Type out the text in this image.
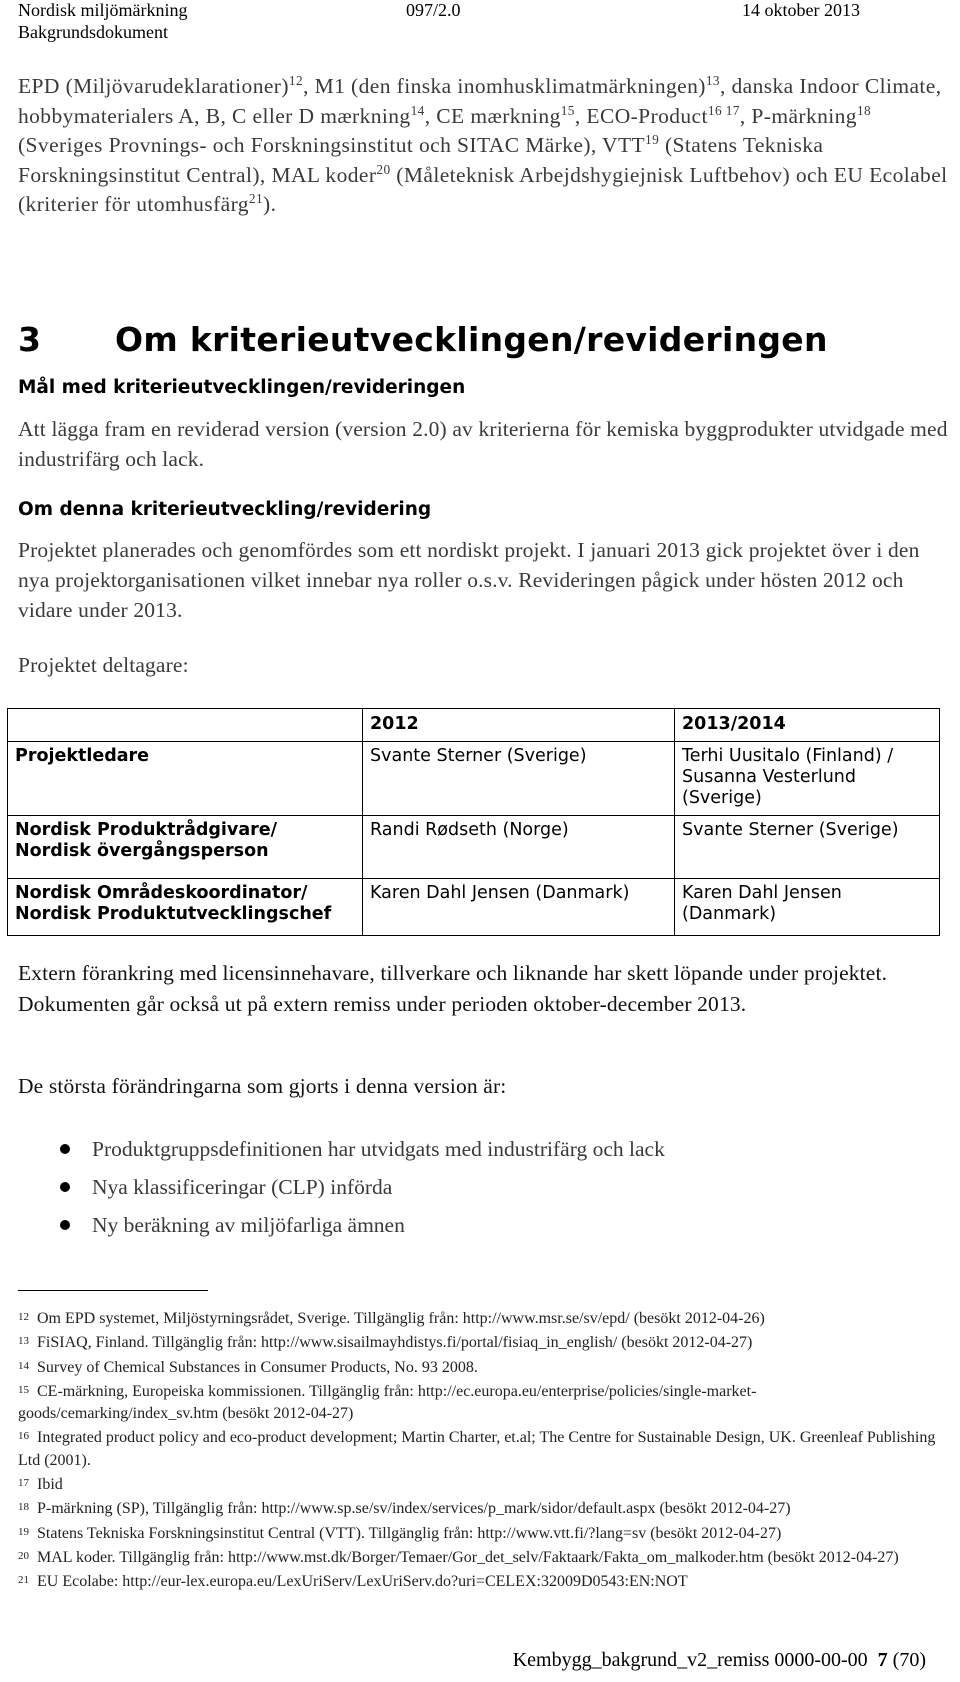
Nordisk miljömärkning
Bakgrundsdokument
097/2.0	14 oktober 2013
EPD (Miljövarudeklarationer)$^{12}$, M1 (den finska inomhusklimatmärkningen)$^{13}$, danska Indoor Climate, hobbymaterialers A, B, C eller D mærkning$^{14}$, CE mærkning$^{15}$, ECO-Product$^{16 17}$, P-märkning$^{18}$ (Sveriges Provnings- och Forskningsinstitut och SITAC Märke), VTT$^{19}$ (Statens Tekniska Forskningsinstitut Central), MAL koder$^{20}$ (Måleteknisk Arbejdshygiejnisk Luftbehov) och EU Ecolabel (kriterier för utomhusfärg$^{21}$).
3 Om kriterieutvecklingen/revideringen
Mål med kriterieutvecklingen/revideringen
Att lägga fram en reviderad version (version 2.0) av kriterierna för kemiska byggprodukter utvidgade med industrifärg och lack.
Om denna kriterieutveckling/revidering
Projektet planerades och genomfördes som ett nordiskt projekt. I januari 2013 gick projektet över i den nya projektorganisationen vilket innebar nya roller o.s.v. Revideringen pågick under hösten 2012 och vidare under 2013.
Projektet deltagare:
	2012	2013/2014
Projektledare	Svante Sterner (Sverige)	Terhi Uusitalo (Finland) / Susanna Vesterlund (Sverige)
Nordisk Produktrådgivare/ Nordisk övergångsperson	Randi Rødseth (Norge)	Svante Sterner (Sverige)
Nordisk Områdeskoordinator/ Nordisk Produktutvecklingschef	Karen Dahl Jensen (Danmark)	Karen Dahl Jensen (Danmark)
Extern förankring med licensinnehavare, tillverkare och liknande har skett löpande under projektet. Dokumenten går också ut på extern remiss under perioden oktober-december 2013.
De största förändringarna som gjorts i denna version är:
Produktgruppsdefinitionen har utvidgats med industrifärg och lack
Nya klassificeringar (CLP) införda
Ny beräkning av miljöfarliga ämnen
12 Om EPD systemet, Miljöstyrningsrådet, Sverige. Tillgänglig från: http://www.msr.se/sv/epd/ (besökt 2012-04-26)
13 FiSIAQ, Finland. Tillgänglig från: http://www.sisailmayhdistys.fi/portal/fisiaq_in_english/ (besökt 2012-04-27)
14 Survey of Chemical Substances in Consumer Products, No. 93 2008.
15 CE-märkning, Europeiska kommissionen. Tillgänglig från: http://ec.europa.eu/enterprise/policies/single-market-goods/cemarking/index_sv.htm (besökt 2012-04-27)
16 Integrated product policy and eco-product development; Martin Charter, et.al; The Centre for Sustainable Design, UK. Greenleaf Publishing Ltd (2001).
17 Ibid
18 P-märkning (SP), Tillgänglig från: http://www.sp.se/sv/index/services/p_mark/sidor/default.aspx (besökt 2012-04-27)
19 Statens Tekniska Forskningsinstitut Central (VTT). Tillgänglig från: http://www.vtt.fi/?lang=sv (besökt 2012-04-27)
20 MAL koder. Tillgänglig från: http://www.mst.dk/Borger/Temaer/Gor_det_selv/Faktaark/Fakta_om_malkoder.htm (besökt 2012-04-27)
21 EU Ecolabe: http://eur-lex.europa.eu/LexUriServ/LexUriServ.do?uri=CELEX:32009D0543:EN:NOT
Kembygg_bakgrund_v2_remiss 0000-00-00 7 (70)
